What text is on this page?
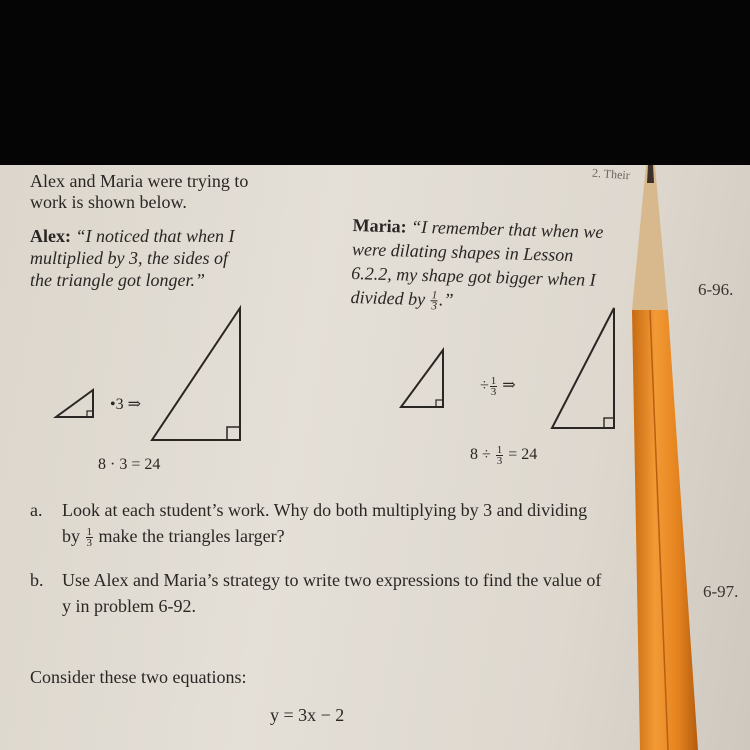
Alex and Maria were trying to
work is shown below.
2. Their
Alex: “I noticed that when I
multiplied by 3, the sides of
the triangle got longer.”
Maria: “I remember that when we
were dilating shapes in Lesson
6.2.2, my shape got bigger when I
divided by $\frac{1}{3}$ .”
•3 ⇒
8 · 3 = 24
÷ $\frac{1}{3}$ ⇒
$8 \div \frac{1}{3} = 24$
a. Look at each student’s work. Why do both multiplying by 3 and dividing
by $\frac{1}{3}$ make the triangles larger?
b. Use Alex and Maria’s strategy to write two expressions to find the value of
y in problem 6-92.
6-96.
6-97.
Consider these two equations:
y = 3x − 2
